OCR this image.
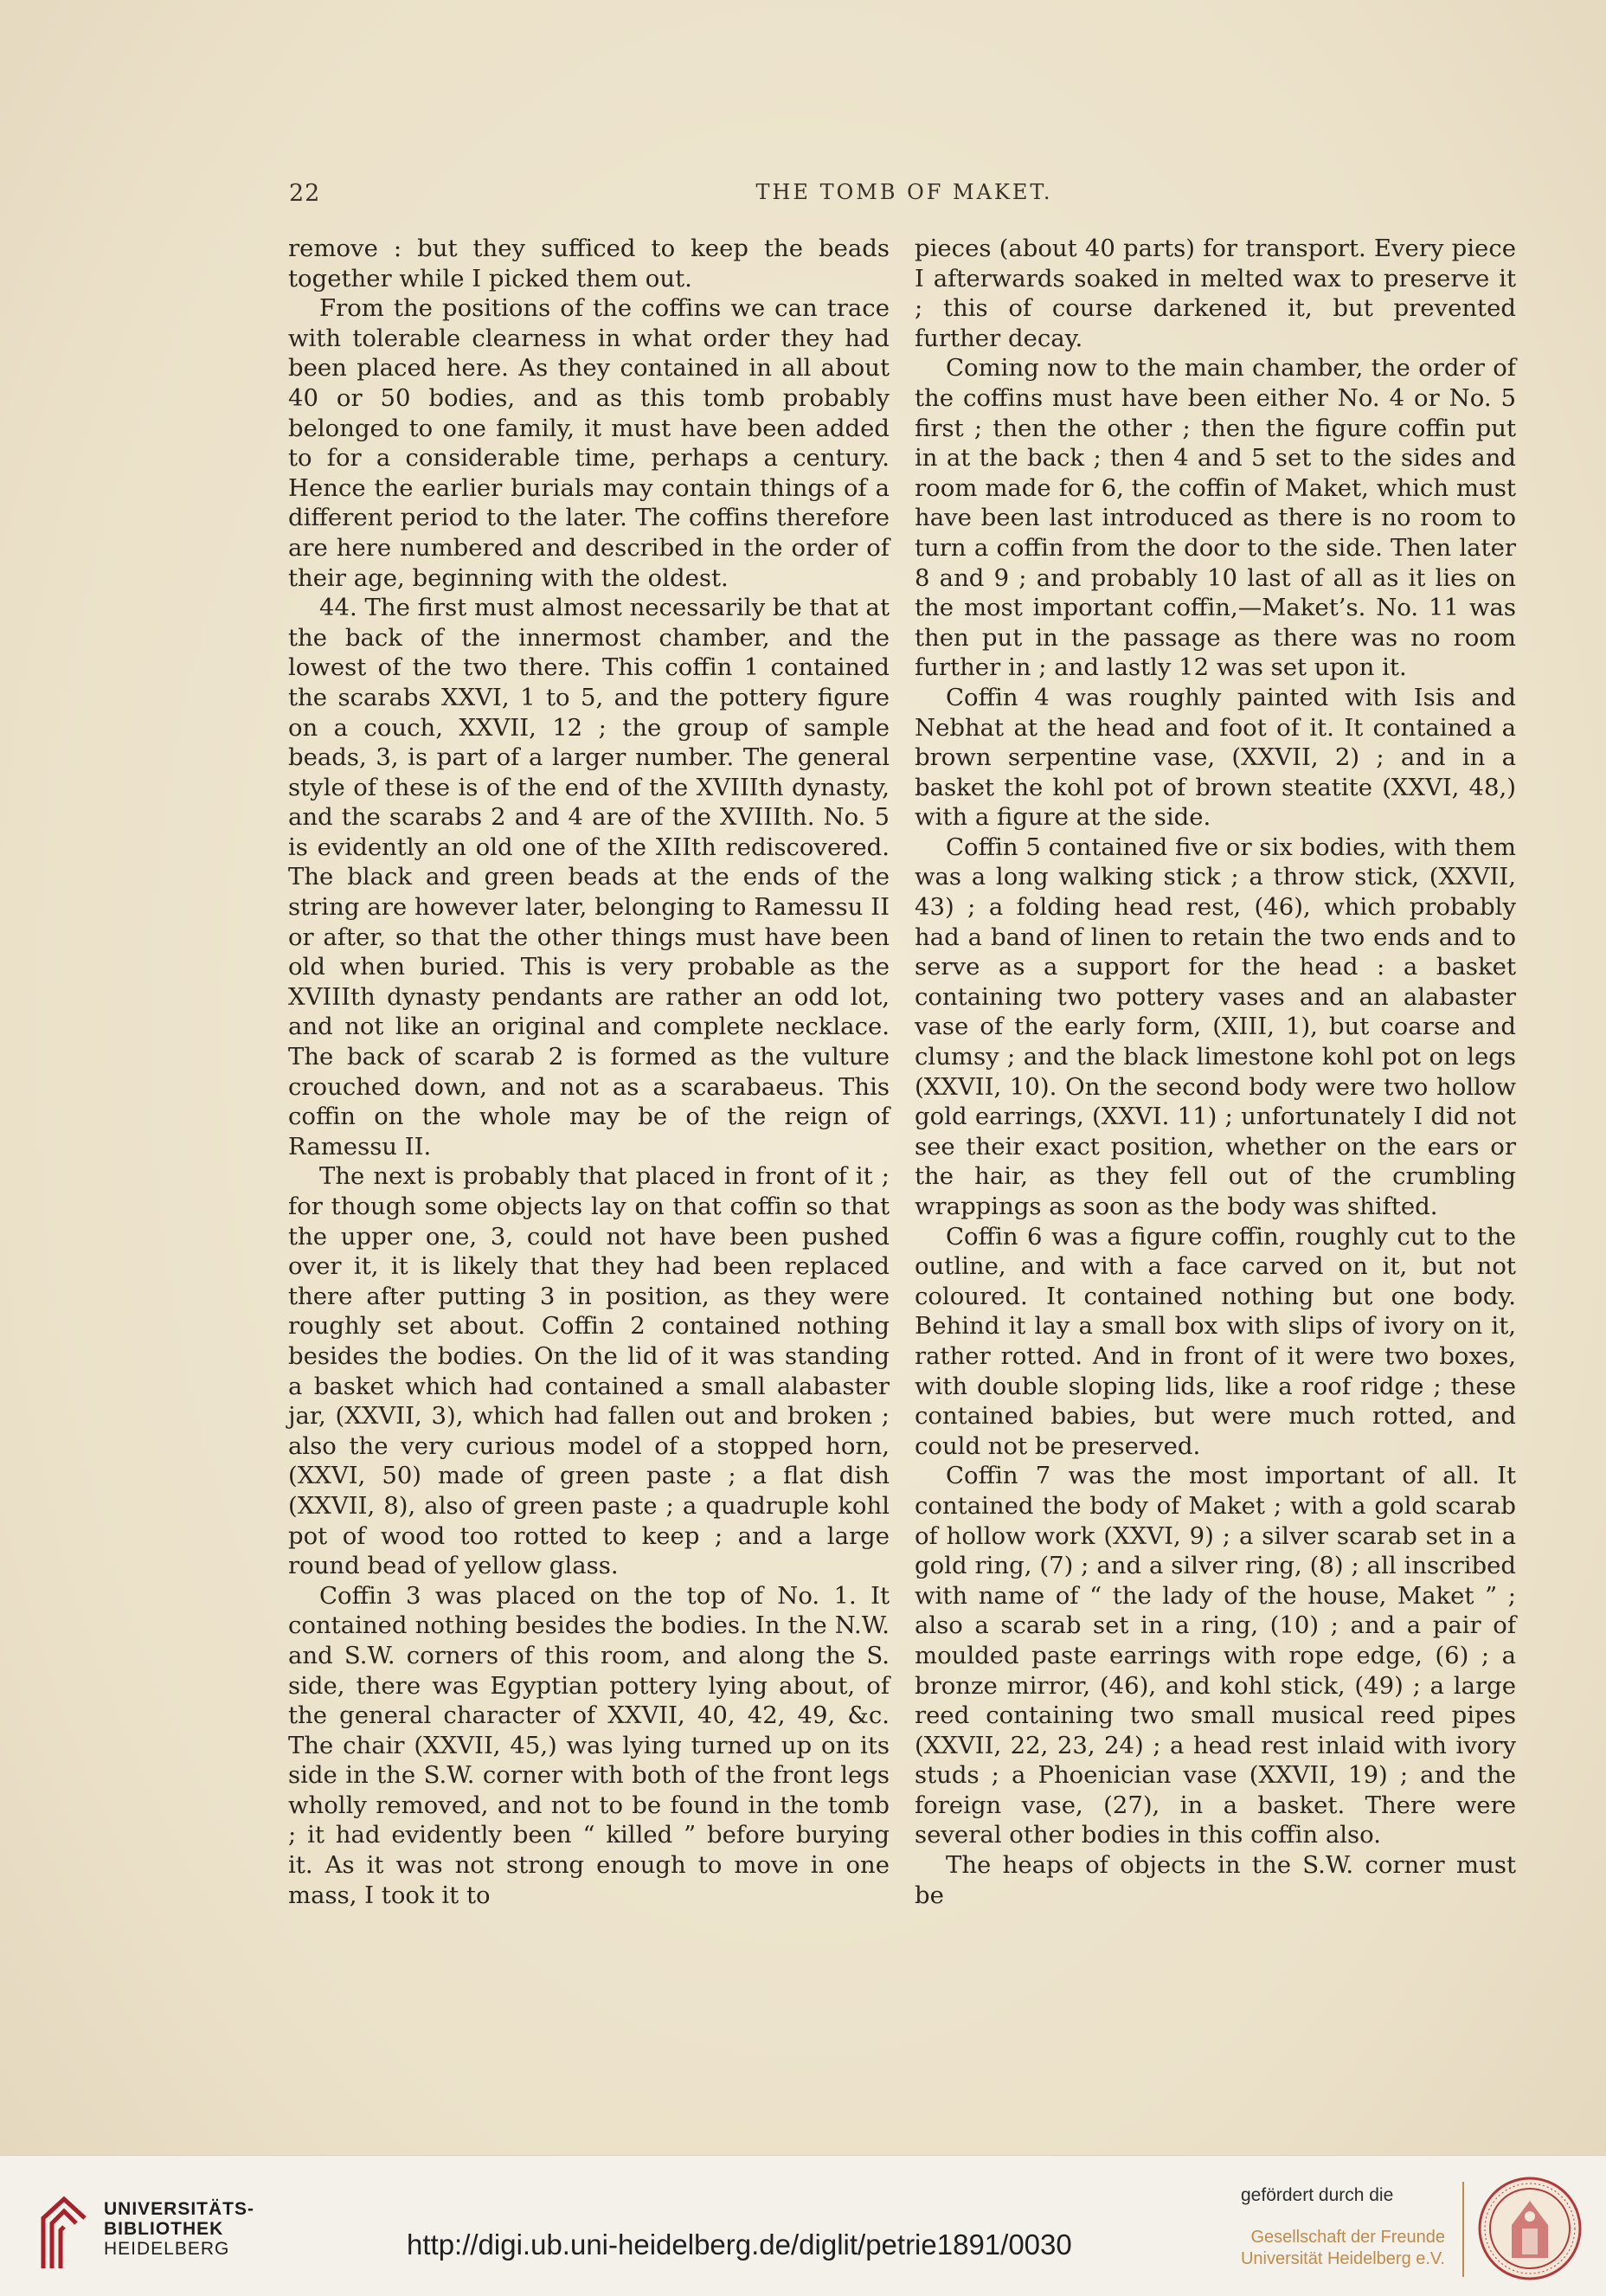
22	THE TOMB OF MAKET.

remove : but they sufficed to keep the beads together while I picked them out.

From the positions of the coffins we can trace with tolerable clearness in what order they had been placed here. As they contained in all about 40 or 50 bodies, and as this tomb probably belonged to one family, it must have been added to for a considerable time, perhaps a century. Hence the earlier burials may contain things of a different period to the later. The coffins therefore are here numbered and described in the order of their age, beginning with the oldest.

44. The first must almost necessarily be that at the back of the innermost chamber, and the lowest of the two there. This coffin 1 contained the scarabs XXVI, 1 to 5, and the pottery figure on a couch, XXVII, 12 ; the group of sample beads, 3, is part of a larger number. The general style of these is of the end of the XVIIIth dynasty, and the scarabs 2 and 4 are of the XVIIIth. No. 5 is evidently an old one of the XIIth rediscovered. The black and green beads at the ends of the string are however later, belonging to Ramessu II or after, so that the other things must have been old when buried. This is very probable as the XVIIIth dynasty pendants are rather an odd lot, and not like an original and complete necklace. The back of scarab 2 is formed as the vulture crouched down, and not as a scarabaeus. This coffin on the whole may be of the reign of Ramessu II.

The next is probably that placed in front of it ; for though some objects lay on that coffin so that the upper one, 3, could not have been pushed over it, it is likely that they had been replaced there after putting 3 in position, as they were roughly set about. Coffin 2 contained nothing besides the bodies. On the lid of it was standing a basket which had contained a small alabaster jar, (XXVII, 3), which had fallen out and broken ; also the very curious model of a stopped horn, (XXVI, 50) made of green paste ; a flat dish (XXVII, 8), also of green paste ; a quadruple kohl pot of wood too rotted to keep ; and a large round bead of yellow glass.

Coffin 3 was placed on the top of No. 1. It contained nothing besides the bodies. In the N.W. and S.W. corners of this room, and along the S. side, there was Egyptian pottery lying about, of the general character of XXVII, 40, 42, 49, &c. The chair (XXVII, 45,) was lying turned up on its side in the S.W. corner with both of the front legs wholly removed, and not to be found in the tomb ; it had evidently been “ killed ” before burying it. As it was not strong enough to move in one mass, I took it to

pieces (about 40 parts) for transport. Every piece I afterwards soaked in melted wax to preserve it ; this of course darkened it, but prevented further decay.

Coming now to the main chamber, the order of the coffins must have been either No. 4 or No. 5 first ; then the other ; then the figure coffin put in at the back ; then 4 and 5 set to the sides and room made for 6, the coffin of Maket, which must have been last introduced as there is no room to turn a coffin from the door to the side. Then later 8 and 9 ; and probably 10 last of all as it lies on the most important coffin,—Maket’s. No. 11 was then put in the passage as there was no room further in ; and lastly 12 was set upon it.

Coffin 4 was roughly painted with Isis and Nebhat at the head and foot of it. It contained a brown serpentine vase, (XXVII, 2) ; and in a basket the kohl pot of brown steatite (XXVI, 48,) with a figure at the side.

Coffin 5 contained five or six bodies, with them was a long walking stick ; a throw stick, (XXVII, 43) ; a folding head rest, (46), which probably had a band of linen to retain the two ends and to serve as a support for the head : a basket containing two pottery vases and an alabaster vase of the early form, (XIII, 1), but coarse and clumsy ; and the black limestone kohl pot on legs (XXVII, 10). On the second body were two hollow gold earrings, (XXVI. 11) ; unfortunately I did not see their exact position, whether on the ears or the hair, as they fell out of the crumbling wrappings as soon as the body was shifted.

Coffin 6 was a figure coffin, roughly cut to the outline, and with a face carved on it, but not coloured. It contained nothing but one body. Behind it lay a small box with slips of ivory on it, rather rotted. And in front of it were two boxes, with double sloping lids, like a roof ridge ; these contained babies, but were much rotted, and could not be preserved.

Coffin 7 was the most important of all. It contained the body of Maket ; with a gold scarab of hollow work (XXVI, 9) ; a silver scarab set in a gold ring, (7) ; and a silver ring, (8) ; all inscribed with name of “ the lady of the house, Maket ” ; also a scarab set in a ring, (10) ; and a pair of moulded paste earrings with rope edge, (6) ; a bronze mirror, (46), and kohl stick, (49) ; a large reed containing two small musical reed pipes (XXVII, 22, 23, 24) ; a head rest inlaid with ivory studs ; a Phoenician vase (XXVII, 19) ; and the foreign vase, (27), in a basket. There were several other bodies in this coffin also.

The heaps of objects in the S.W. corner must be

UNIVERSITÄTS-
BIBLIOTHEK
HEIDELBERG	http://digi.ub.uni-heidelberg.de/diglit/petrie1891/0030
gefördert durch die
Gesellschaft der Freunde
Universität Heidelberg e.V.
